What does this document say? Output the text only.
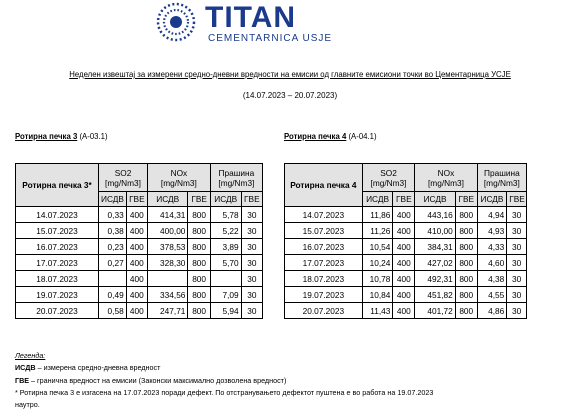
TITAN
CEMENTARNICA USJE
Неделен извештај за измерени средно-дневни вредности на емисии од главните емисиони точки во Цементарница УСЈЕ
(14.07.2023 – 20.07.2023)
Ротирна печка 3 (A-03.1)
Ротирна печка 3*	SO2
[mg/Nm3]		NOx
[mg/Nm3]		Прашина
[mg/Nm3]	
	ИСДВ	ГВЕ	ИСДВ	ГВЕ	ИСДВ	ГВЕ
14.07.2023	0,33	400	414,31	800	5,78	30
15.07.2023	0,38	400	400,00	800	5,22	30
16.07.2023	0,23	400	378,53	800	3,89	30
17.07.2023	0,27	400	328,30	800	5,70	30
18.07.2023		400		800		30
19.07.2023	0,49	400	334,56	800	7,09	30
20.07.2023	0,58	400	247,71	800	5,94	30
Ротирна печка 4 (A-04.1)
Ротирна печка 4	SO2
[mg/Nm3]		NOx
[mg/Nm3]		Прашина
[mg/Nm3]	
	ИСДВ	ГВЕ	ИСДВ	ГВЕ	ИСДВ	ГВЕ
14.07.2023	11,86	400	443,16	800	4,94	30
15.07.2023	11,26	400	410,00	800	4,93	30
16.07.2023	10,54	400	384,31	800	4,33	30
17.07.2023	10,24	400	427,02	800	4,60	30
18.07.2023	10,78	400	492,31	800	4,38	30
19.07.2023	10,84	400	451,82	800	4,55	30
20.07.2023	11,43	400	401,72	800	4,86	30
Легенда:
ИСДВ – измерена средно-дневна вредност
ГВЕ – гранична вредност на емисии (Законски максимално дозволена вредност)
* Ротирна печка 3 е изгасена на 17.07.2023 поради дефект. По отстранувањето дефектот пуштена е во работа на 19.07.2023
наутро.
